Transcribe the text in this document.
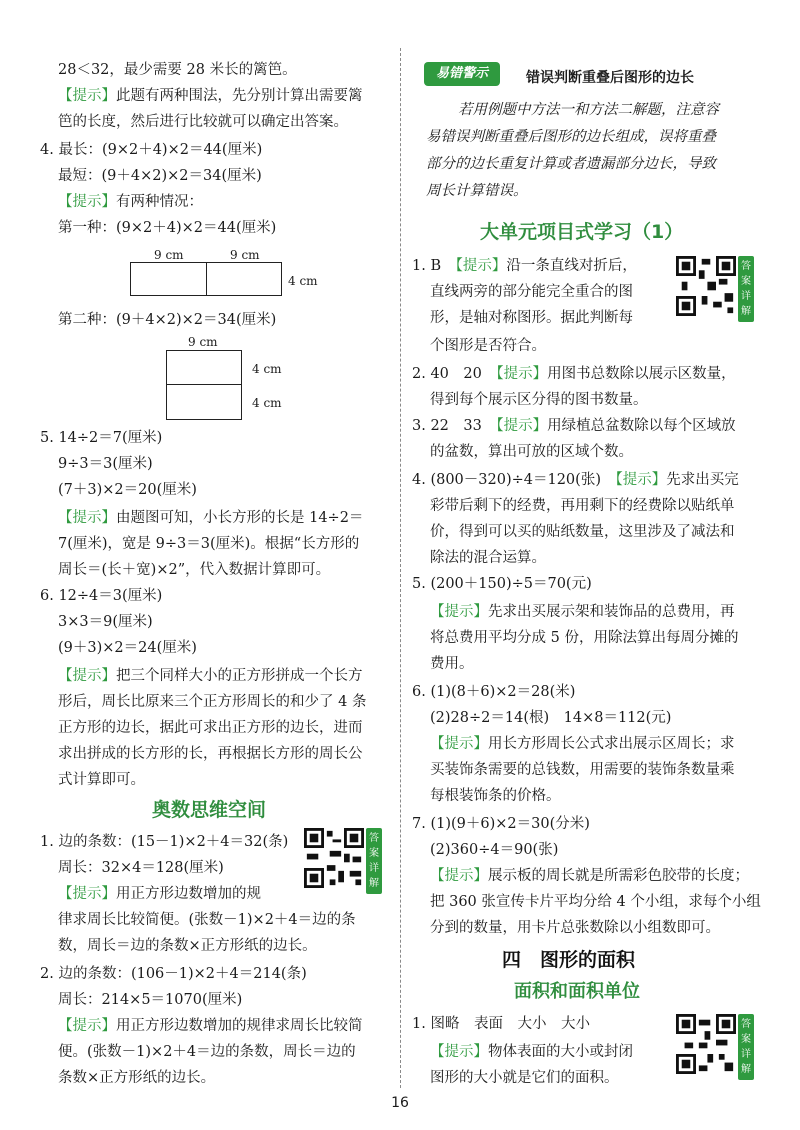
28＜32，最少需要 28 米长的篱笆。
【提示】此题有两种围法，先分别计算出需要篱
笆的长度，然后进行比较就可以确定出答案。
4. 最长：(9×2＋4)×2＝44(厘米)
最短：(9＋4×2)×2＝34(厘米)
【提示】有两种情况：
第一种：(9×2＋4)×2＝44(厘米)
9 cm	9 cm
4 cm
第二种：(9＋4×2)×2＝34(厘米)
9 cm
4 cm
4 cm
5. 14÷2＝7(厘米)
9÷3＝3(厘米)
(7＋3)×2＝20(厘米)
【提示】由题图可知，小长方形的长是 14÷2＝
7(厘米)，宽是 9÷3＝3(厘米)。根据“长方形的
周长＝(长＋宽)×2”，代入数据计算即可。
6. 12÷4＝3(厘米)
3×3＝9(厘米)
(9＋3)×2＝24(厘米)
【提示】把三个同样大小的正方形拼成一个长方
形后，周长比原来三个正方形周长的和少了 4 条
正方形的边长，据此可求出正方形的边长，进而
求出拼成的长方形的长，再根据长方形的周长公
式计算即可。
奥数思维空间
1. 边的条数：(15－1)×2＋4＝32(条)
周长：32×4＝128(厘米)
【提示】用正方形边数增加的规
律求周长比较简便。(张数－1)×2＋4＝边的条
数，周长＝边的条数×正方形纸的边长。
答案详解
2. 边的条数：(106－1)×2＋4＝214(条)
周长：214×5＝1070(厘米)
【提示】用正方形边数增加的规律求周长比较简
便。(张数－1)×2＋4＝边的条数，周长＝边的
条数×正方形纸的边长。
易错警示	错误判断重叠后图形的边长
若用例题中方法一和方法二解题，注意容
易错误判断重叠后图形的边长组成，误将重叠
部分的边长重复计算或者遗漏部分边长，导致
周长计算错误。
大单元项目式学习（1）
1. B　 【提示】沿一条直线对折后，
直线两旁的部分能完全重合的图
形，是轴对称图形。据此判断每
个图形是否符合。
答案详解
2. 40　20　 【提示】用图书总数除以展示区数量，
得到每个展示区分得的图书数量。
3. 22　33　 【提示】用绿植总盆数除以每个区域放
的盆数，算出可放的区域个数。
4. (800－320)÷4＝120(张)　 【提示】先求出买完
彩带后剩下的经费，再用剩下的经费除以贴纸单
价，得到可以买的贴纸数量，这里涉及了减法和
除法的混合运算。
5. (200＋150)÷5＝70(元)
【提示】先求出买展示架和装饰品的总费用，再
将总费用平均分成 5 份，用除法算出每周分摊的
费用。
6. (1)(8＋6)×2＝28(米)
(2)28÷2＝14(根)　14×8＝112(元)
【提示】用长方形周长公式求出展示区周长；求
买装饰条需要的总钱数，用需要的装饰条数量乘
每根装饰条的价格。
7. (1)(9＋6)×2＝30(分米)
(2)360÷4＝90(张)
【提示】展示板的周长就是所需彩色胶带的长度；
把 360 张宣传卡片平均分给 4 个小组，求每个小组
分到的数量，用卡片总张数除以小组数即可。
四　图形的面积
面积和面积单位
1. 图略　表面　大小　大小
【提示】物体表面的大小或封闭
图形的大小就是它们的面积。
答案详解
16
